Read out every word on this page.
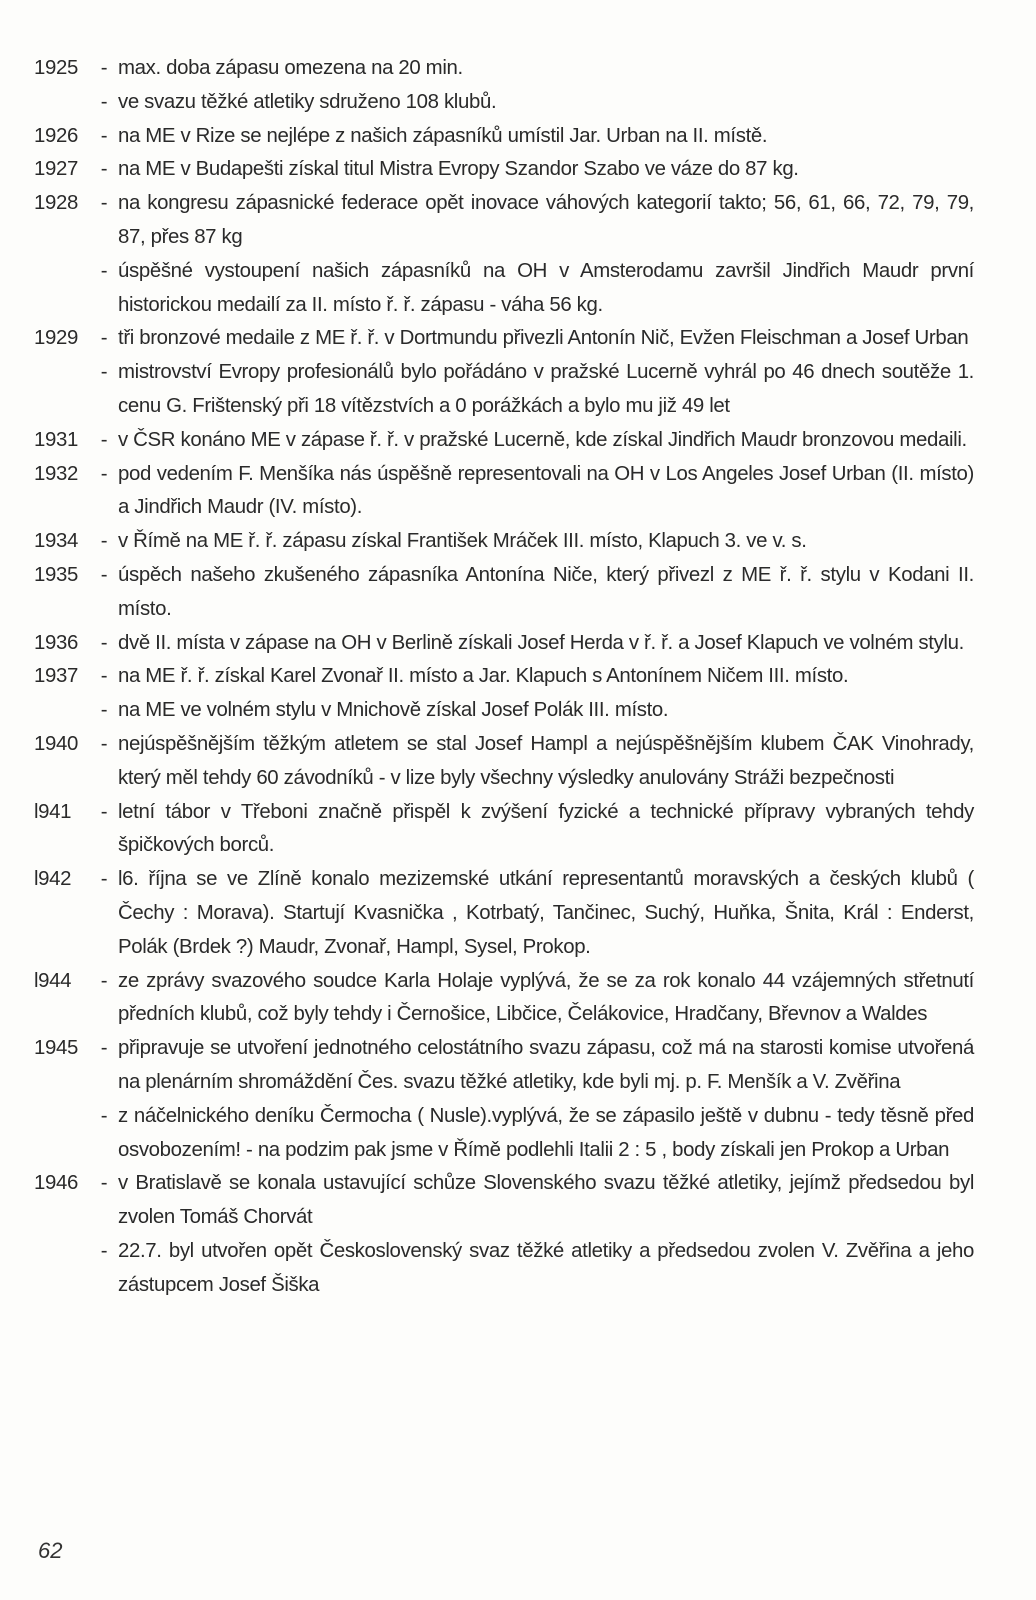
1925	- max. doba zápasu omezena na 20 min.
- ve svazu těžké atletiky sdruženo 108 klubů.
1926	- na ME v Rize se nejlépe z našich zápasníků umístil Jar. Urban na II. místě.
1927	- na ME v Budapešti získal titul Mistra Evropy Szandor Szabo ve váze do 87 kg.
1928	- na kongresu zápasnické federace opět inovace váhových kategorií takto; 56, 61, 66, 72, 79, 79, 87, přes 87 kg
- úspěšné vystoupení našich zápasníků na OH v Amsterodamu završil Jindřich Maudr první historickou medailí za II. místo ř. ř. zápasu - váha 56 kg.
1929	- tři bronzové medaile z ME ř. ř. v Dortmundu přivezli Antonín Nič, Evžen Fleischman a Josef Urban
- mistrovství Evropy profesionálů bylo pořádáno v pražské Lucerně vyhrál po 46 dnech soutěže 1. cenu G. Frištenský při 18 vítězstvích a 0 porážkách a bylo mu již 49 let
1931	- v ČSR konáno ME v zápase ř. ř. v pražské Lucerně, kde získal Jindřich Maudr bronzovou medaili.
1932	- pod vedením F. Menšíka nás úspěšně representovali na OH v Los Angeles Josef Urban (II. místo) a Jindřich Maudr (IV. místo).
1934	- v Římě na ME ř. ř. zápasu získal František Mráček III. místo, Klapuch 3. ve v. s.
1935	- úspěch našeho zkušeného zápasníka Antonína Niče, který přivezl z ME ř. ř. stylu v Kodani II. místo.
1936	- dvě II. místa v zápase na OH v Berlině získali Josef Herda v ř. ř. a Josef Klapuch ve volném stylu.
1937	- na ME ř. ř. získal Karel Zvonař II. místo a Jar. Klapuch s Antonínem Ničem III. místo.
- na ME ve volném stylu v Mnichově získal Josef Polák III. místo.
1940	- nejúspěšnějším těžkým atletem se stal Josef Hampl a nejúspěšnějším klubem ČAK Vinohrady, který měl tehdy 60 závodníků - v lize byly všechny výsledky anulovány Stráži bezpečnosti
l941	- letní tábor v Třeboni značně přispěl k zvýšení fyzické a technické přípravy vybraných tehdy špičkových borců.
l942	- l6. října se ve Zlíně konalo mezizemské utkání representantů moravských a českých klubů ( Čechy : Morava). Startují Kvasnička , Kotrbatý, Tančinec, Suchý, Huňka, Šnita, Král : Enderst, Polák (Brdek ?) Maudr, Zvonař, Hampl, Sysel, Prokop.
l944	- ze zprávy svazového soudce Karla Holaje vyplývá, že se za rok konalo 44 vzájemných střetnutí předních klubů, což byly tehdy i Černošice, Libčice, Čelákovice, Hradčany, Břevnov a Waldes
1945	- připravuje se utvoření jednotného celostátního svazu zápasu, což má na starosti komise utvořená na plenárním shromáždění Čes. svazu těžké atletiky, kde byli mj. p. F. Menšík a V. Zvěřina
- z náčelnického deníku Čermocha ( Nusle).vyplývá, že se zápasilo ještě v dubnu - tedy těsně před osvobozením! - na podzim pak jsme v Římě podlehli Italii 2 : 5 , body získali jen Prokop a Urban
1946	- v Bratislavě se konala ustavující schůze Slovenského svazu těžké atletiky, jejímž předsedou byl zvolen Tomáš Chorvát
- 22.7. byl utvořen opět Československý svaz těžké atletiky a předsedou zvolen V. Zvěřina a jeho zástupcem Josef Šiška
62
